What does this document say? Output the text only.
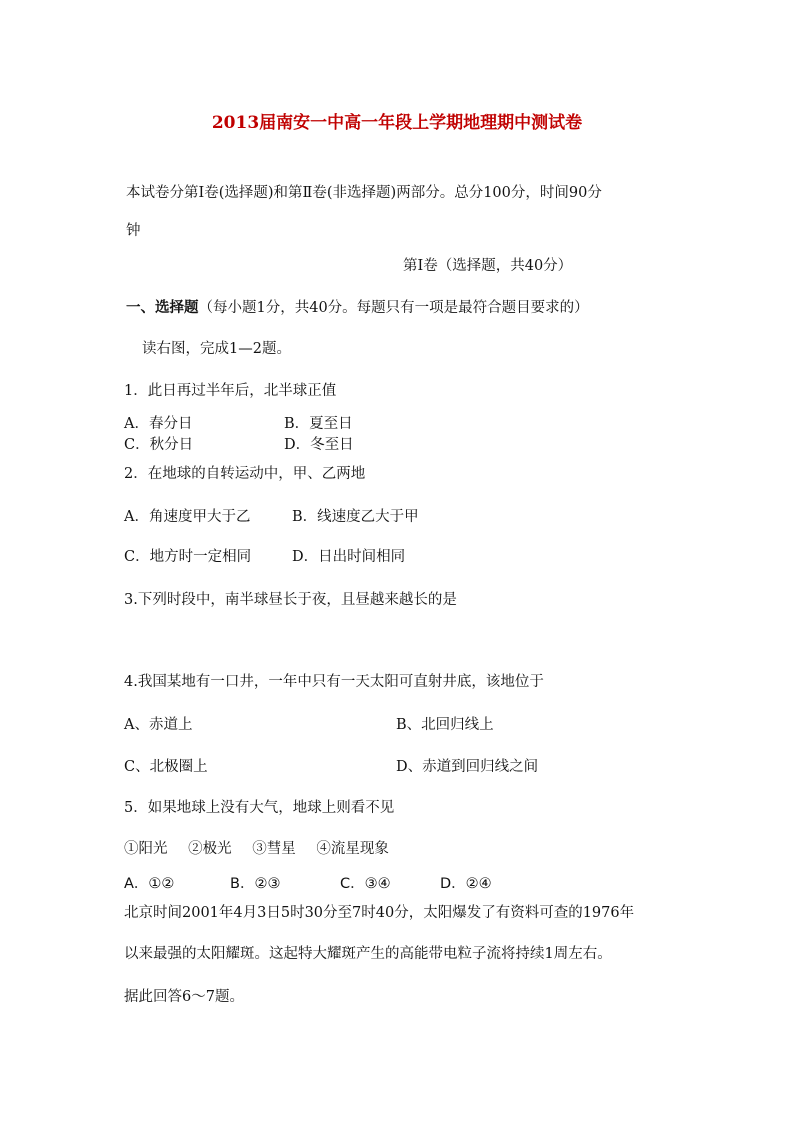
2013届南安一中高一年段上学期地理期中测试卷
本试卷分第Ⅰ卷(选择题)和第Ⅱ卷(非选择题)两部分。总分100分，时间90分
钟
第Ⅰ卷（选择题，共40分）
一、选择题（每小题1分，共40分。每题只有一项是最符合题目要求的）
读右图，完成1—2题。
1．此日再过半年后，北半球正值
A．春分日	B．夏至日
C．秋分日	D．冬至日
2．在地球的自转运动中，甲、乙两地
A．角速度甲大于乙	B．线速度乙大于甲
C．地方时一定相同	D．日出时间相同
3.下列时段中，南半球昼长于夜，且昼越来越长的是
4.我国某地有一口井，一年中只有一天太阳可直射井底，该地位于
A、赤道上	B、北回归线上
C、北极圈上	D、赤道到回归线之间
5．如果地球上没有大气，地球上则看不见
①阳光 ②极光 ③彗星 ④流星现象
A．①②	B．②③	C．③④	D．②④
北京时间2001年4月3日5时30分至7时40分，太阳爆发了有资料可查的1976年
以来最强的太阳耀斑。这起特大耀斑产生的高能带电粒子流将持续1周左右。
据此回答6～7题。
